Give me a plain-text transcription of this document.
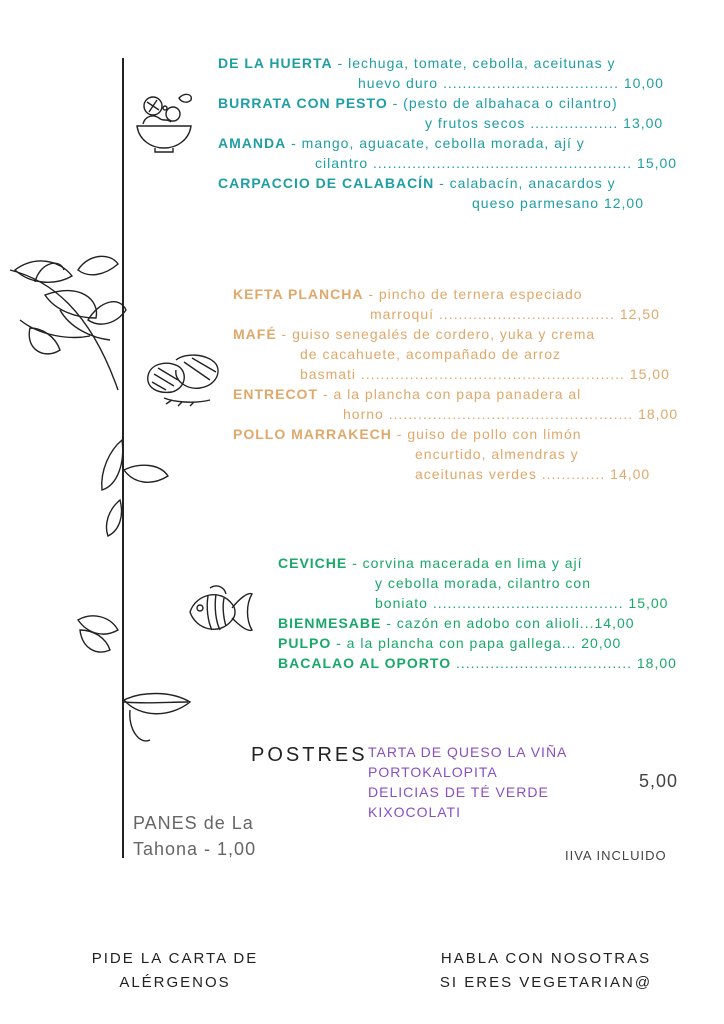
DE LA HUERTA - lechuga, tomate, cebolla, aceitunas y
huevo duro .................................... 10,00
BURRATA CON PESTO - (pesto de albahaca o cilantro)
y frutos secos .................. 13,00
AMANDA - mango, aguacate, cebolla morada, ají y
cilantro ..................................................... 15,00
CARPACCIO DE CALABACÍN - calabacín, anacardos y
queso parmesano 12,00
KEFTA PLANCHA - pincho de ternera especiado
marroquí .................................... 12,50
MAFÉ - guiso senegalés de cordero, yuka y crema
de cacahuete, acompañado de arroz
basmati ...................................................... 15,00
ENTRECOT - a la plancha con papa panadera al
horno .................................................. 18,00
POLLO MARRAKECH - guiso de pollo con limón
encurtido, almendras y
aceitunas verdes ............. 14,00
CEVICHE - corvina macerada en lima y ají
y cebolla morada, cilantro con
boniato ....................................... 15,00
BIENMESABE - cazón en adobo con alioli...14,00
PULPO - a la plancha con papa gallega... 20,00
BACALAO AL OPORTO .................................... 18,00
POSTRES TARTA DE QUESO LA VIÑA
PORTOKALOPITA
DELICIAS DE TÉ VERDE
KIXOCOLATI
5,00
PANES de La
Tahona - 1,00	IIVA INCLUIDO
PIDE LA CARTA DE
ALÉRGENOS
HABLA CON NOSOTRAS
SI ERES VEGETARIAN@
